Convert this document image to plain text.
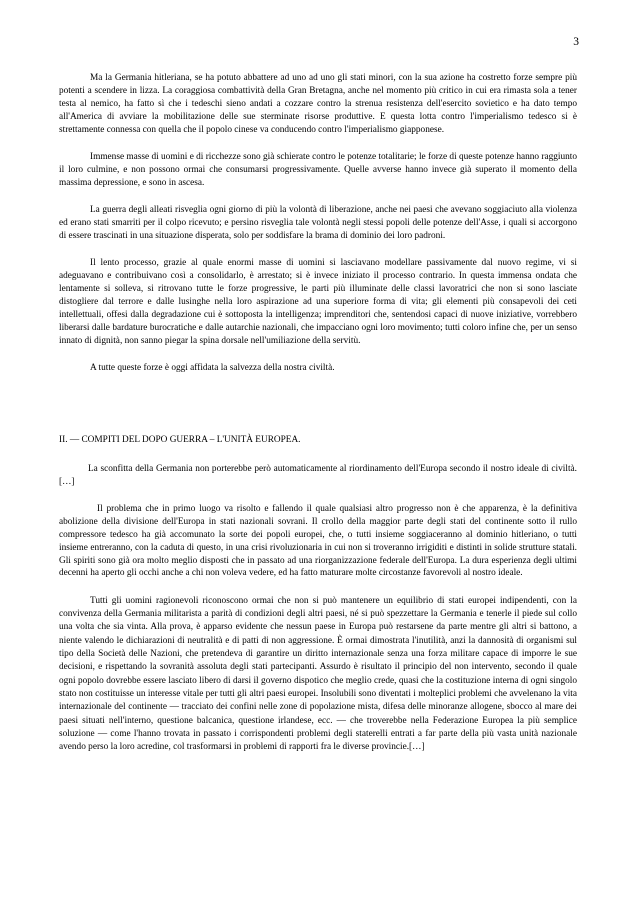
3

Ma la Germania hitleriana, se ha potuto abbattere ad uno ad uno gli stati minori, con la sua azione ha costretto forze sempre più potenti a scendere in lizza. La coraggiosa combattività della Gran Bretagna, anche nel momento più critico in cui era rimasta sola a tener testa al nemico, ha fatto sì che i tedeschi sieno andati a cozzare contro la strenua resistenza dell'esercito sovietico e ha dato tempo all'America di avviare la mobilitazione delle sue sterminate risorse produttive. E questa lotta contro l'imperialismo tedesco si è strettamente connessa con quella che il popolo cinese va conducendo contro l'imperialismo giapponese.

Immense masse di uomini e di ricchezze sono già schierate contro le potenze totalitarie; le forze di queste potenze hanno raggiunto il loro culmine, e non possono ormai che consumarsi progressivamente. Quelle avverse hanno invece già superato il momento della massima depressione, e sono in ascesa.

La guerra degli alleati risveglia ogni giorno di più la volontà di liberazione, anche nei paesi che avevano soggiaciuto alla violenza ed erano stati smarriti per il colpo ricevuto; e persino risveglia tale volontà negli stessi popoli delle potenze dell'Asse, i quali si accorgono di essere trascinati in una situazione disperata, solo per soddisfare la brama di dominio dei loro padroni.

Il lento processo, grazie al quale enormi masse di uomini si lasciavano modellare passivamente dal nuovo regime, vi si adeguavano e contribuivano così a consolidarlo, è arrestato; si è invece iniziato il processo contrario. In questa immensa ondata che lentamente si solleva, si ritrovano tutte le forze progressive, le parti più illuminate delle classi lavoratrici che non si sono lasciate distogliere dal terrore e dalle lusinghe nella loro aspirazione ad una superiore forma di vita; gli elementi più consapevoli dei ceti intellettuali, offesi dalla degradazione cui è sottoposta la intelligenza; imprenditori che, sentendosi capaci di nuove iniziative, vorrebbero liberarsi dalle bardature burocratiche e dalle autarchie nazionali, che impacciano ogni loro movimento; tutti coloro infine che, per un senso innato di dignità, non sanno piegar la spina dorsale nell'umiliazione della servitù.

A tutte queste forze è oggi affidata la salvezza della nostra civiltà.

II. — COMPITI DEL DOPO GUERRA – L'UNITÀ EUROPEA.

La sconfitta della Germania non porterebbe però automaticamente al riordinamento dell'Europa secondo il nostro ideale di civiltà. […]

Il problema che in primo luogo va risolto e fallendo il quale qualsiasi altro progresso non è che apparenza, è la definitiva abolizione della divisione dell'Europa in stati nazionali sovrani. Il crollo della maggior parte degli stati del continente sotto il rullo compressore tedesco ha già accomunato la sorte dei popoli europei, che, o tutti insieme soggiaceranno al dominio hitleriano, o tutti insieme entreranno, con la caduta di questo, in una crisi rivoluzionaria in cui non si troveranno irrigiditi e distinti in solide strutture statali. Gli spiriti sono già ora molto meglio disposti che in passato ad una riorganizzazione federale dell'Europa. La dura esperienza degli ultimi decenni ha aperto gli occhi anche a chi non voleva vedere, ed ha fatto maturare molte circostanze favorevoli al nostro ideale.

Tutti gli uomini ragionevoli riconoscono ormai che non si può mantenere un equilibrio di stati europei indipendenti, con la convivenza della Germania militarista a parità di condizioni degli altri paesi, né si può spezzettare la Germania e tenerle il piede sul collo una volta che sia vinta. Alla prova, è apparso evidente che nessun paese in Europa può restarsene da parte mentre gli altri si battono, a niente valendo le dichiarazioni di neutralità e di patti di non aggressione. È ormai dimostrata l'inutilità, anzi la dannosità di organismi sul tipo della Società delle Nazioni, che pretendeva di garantire un diritto internazionale senza una forza militare capace di imporre le sue decisioni, e rispettando la sovranità assoluta degli stati partecipanti. Assurdo è risultato il principio del non intervento, secondo il quale ogni popolo dovrebbe essere lasciato libero di darsi il governo dispotico che meglio crede, quasi che la costituzione interna di ogni singolo stato non costituisse un interesse vitale per tutti gli altri paesi europei. Insolubili sono diventati i molteplici problemi che avvelenano la vita internazionale del continente — tracciato dei confini nelle zone di popolazione mista, difesa delle minoranze allogene, sbocco al mare dei paesi situati nell'interno, questione balcanica, questione irlandese, ecc. — che troverebbe nella Federazione Europea la più semplice soluzione — come l'hanno trovata in passato i corrispondenti problemi degli staterelli entrati a far parte della più vasta unità nazionale avendo perso la loro acredine, col trasformarsi in problemi di rapporti fra le diverse provincie.[…]
